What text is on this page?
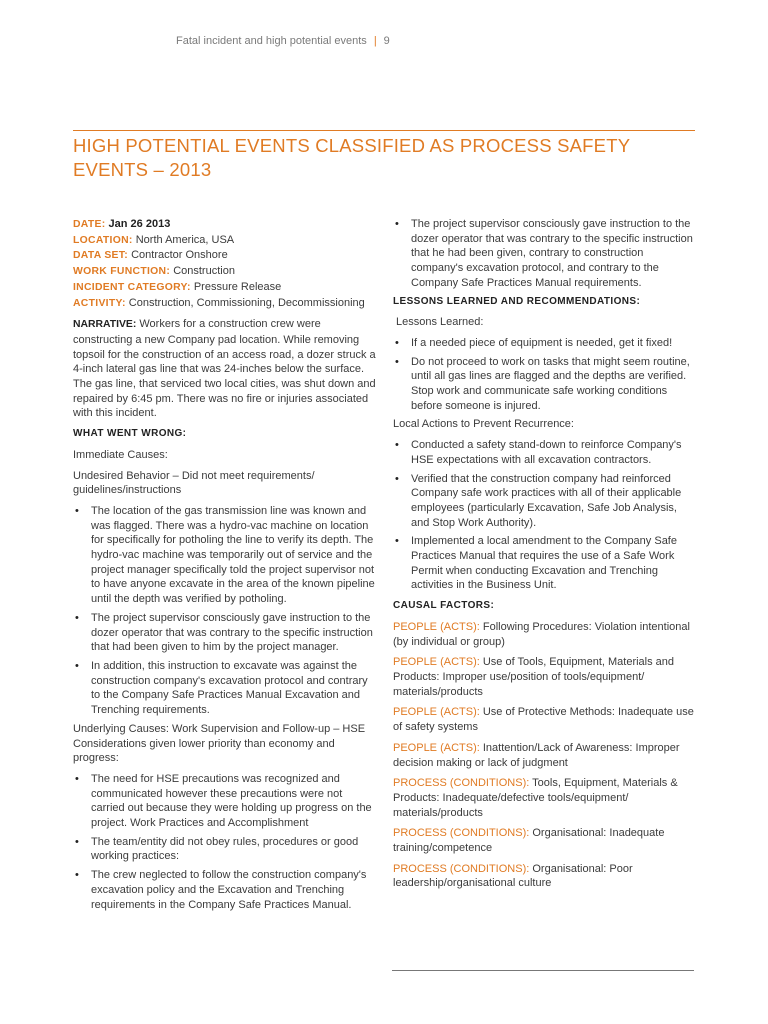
Fatal incident and high potential events | 9
HIGH POTENTIAL EVENTS CLASSIFIED AS PROCESS SAFETY EVENTS – 2013

DATE: Jan 26 2013

LOCATION: North America, USA

DATA SET: Contractor Onshore

WORK FUNCTION: Construction

INCIDENT CATEGORY: Pressure Release

ACTIVITY: Construction, Commissioning, Decommissioning

NARRATIVE: Workers for a construction crew were constructing a new Company pad location. While removing topsoil for the construction of an access road, a dozer struck a 4-inch lateral gas line that was 24-inches below the surface. The gas line, that serviced two local cities, was shut down and repaired by 6:45 pm. There was no fire or injuries associated with this incident.

WHAT WENT WRONG:

Immediate Causes:

Undesired Behavior – Did not meet requirements/ guidelines/instructions

• The location of the gas transmission line was known and was flagged. There was a hydro-vac machine on location for specifically for potholing the line to verify its depth. The hydro-vac machine was temporarily out of service and the project manager specifically told the project supervisor not to have anyone excavate in the area of the known pipeline until the depth was verified by potholing.
• The project supervisor consciously gave instruction to the dozer operator that was contrary to the specific instruction that had been given to him by the project manager.
• In addition, this instruction to excavate was against the construction company's excavation protocol and contrary to the Company Safe Practices Manual Excavation and Trenching requirements.

Underlying Causes: Work Supervision and Follow-up – HSE Considerations given lower priority than economy and progress:

• The need for HSE precautions was recognized and communicated however these precautions were not carried out because they were holding up progress on the project. Work Practices and Accomplishment
• The team/entity did not obey rules, procedures or good working practices:
• The crew neglected to follow the construction company's excavation policy and the Excavation and Trenching requirements in the Company Safe Practices Manual.
• The project supervisor consciously gave instruction to the dozer operator that was contrary to the specific instruction that he had been given, contrary to construction company's excavation protocol, and contrary to the Company Safe Practices Manual requirements.
LESSONS LEARNED AND RECOMMENDATIONS:

Lessons Learned:

• If a needed piece of equipment is needed, get it fixed!
• Do not proceed to work on tasks that might seem routine, until all gas lines are flagged and the depths are verified. Stop work and communicate safe working conditions before someone is injured.

Local Actions to Prevent Recurrence:

• Conducted a safety stand-down to reinforce Company's HSE expectations with all excavation contractors.
• Verified that the construction company had reinforced Company safe work practices with all of their applicable employees (particularly Excavation, Safe Job Analysis, and Stop Work Authority).
• Implemented a local amendment to the Company Safe Practices Manual that requires the use of a Safe Work Permit when conducting Excavation and Trenching activities in the Business Unit.
CAUSAL FACTORS:

PEOPLE (ACTS): Following Procedures: Violation intentional (by individual or group)

PEOPLE (ACTS): Use of Tools, Equipment, Materials and Products: Improper use/position of tools/equipment/ materials/products

PEOPLE (ACTS): Use of Protective Methods: Inadequate use of safety systems

PEOPLE (ACTS): Inattention/Lack of Awareness: Improper decision making or lack of judgment

PROCESS (CONDITIONS): Tools, Equipment, Materials & Products: Inadequate/defective tools/equipment/ materials/products

PROCESS (CONDITIONS): Organisational: Inadequate training/competence

PROCESS (CONDITIONS): Organisational: Poor leadership/organisational culture
